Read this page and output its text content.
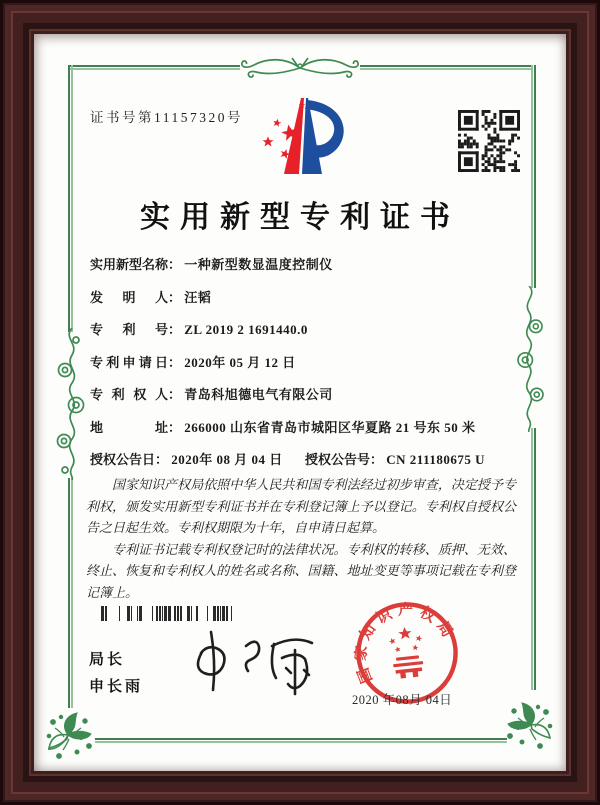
证书号第11157320号
实用新型专利证书
实用新型名称： 一种新型数显温度控制仪
发明人： 汪韬
专利号： ZL 2019 2 1691440.0
专利申请日： 2020年 05 月 12 日
专利权人： 青岛科旭德电气有限公司
地址： 266000 山东省青岛市城阳区华夏路 21 号东 50 米
授权公告日： 2020年 08 月 04 日 授权公告号： CN 211180675 U

国家知识产权局依照中华人民共和国专利法经过初步审查，决定授予专利权，颁发实用新型专利证书并在专利登记簿上予以登记。专利权自授权公告之日起生效。专利权期限为十年，自申请日起算。

专利证书记载专利权登记时的法律状况。专利权的转移、质押、无效、终止、恢复和专利权人的姓名或名称、国籍、地址变更等事项记载在专利登记簿上。

局长
申长雨
国家知识产权局
2020 年08月 04日
